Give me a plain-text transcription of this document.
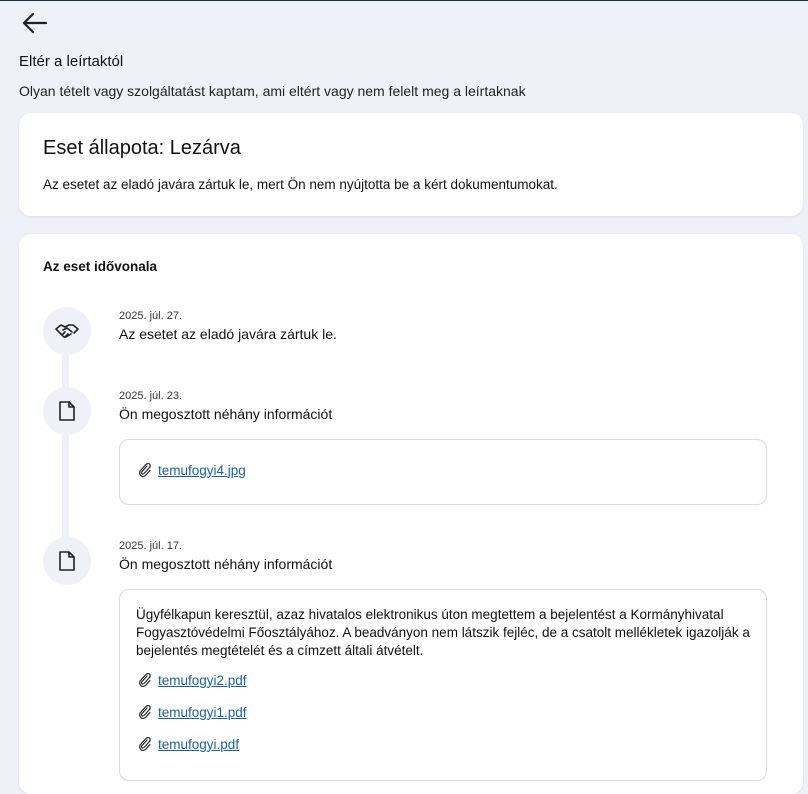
Eltér a leírtaktól
Olyan tételt vagy szolgáltatást kaptam, ami eltért vagy nem felelt meg a leírtaknak
Eset állapota: Lezárva
Az esetet az eladó javára zártuk le, mert Ön nem nyújtotta be a kért dokumentumokat.
Az eset idővonala
2025. júl. 27.
Az esetet az eladó javára zártuk le.
2025. júl. 23.
Ön megosztott néhány információt
temufogyi4.jpg
2025. júl. 17.
Ön megosztott néhány információt
Ügyfélkapun keresztül, azaz hivatalos elektronikus úton megtettem a bejelentést a Kormányhivatal Fogyasztóvédelmi Főosztályához. A beadványon nem látszik fejléc, de a csatolt mellékletek igazolják a bejelentés megtételét és a címzett általi átvételt.
temufogyi2.pdf
temufogyi1.pdf
temufogyi.pdf
